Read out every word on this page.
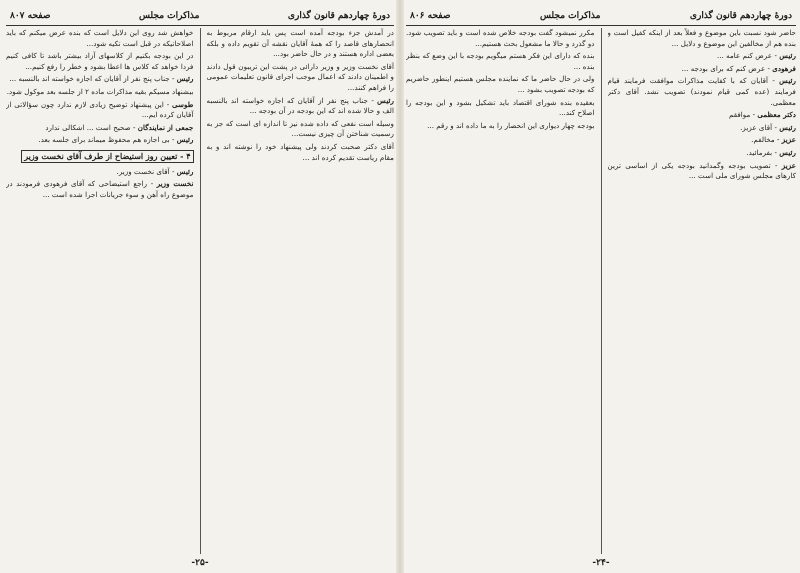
دورهٔ چهاردهم قانون گذاری
مذاکرات مجلس
صفحه ۸۰۷

در آمدش جزء بودجه آمده است پس باید ارقام مربوط به انحصارهای قاصد را که همهٔ آقایان نقشه آن تقویم داده و بلکه بعضی اداره هستند و در حال حاضر بود...

آقای نخست وزیر و وزیر دارائی در پشت این تریبون قول دادند و اطمینان دادند که اعمال موجب اجرای قانون تعلیمات عمومی را فراهم کنند...

رئیس - جناب پنج نفر از آقایان که اجازه خواسته اند بالنسبه الف و حالا شده اند که این بودجه در آن بودجه ...

وسیله است نفعی که داده شده نیز تا اندازه ای است که جز به رسمیت شناختن آن چیزی نیست...

آقای دکتر صحبت کردند ولی پیشنهاد خود را نوشته اند و به مقام ریاست تقدیم کرده اند ...

خواهش شد روی این دلایل است که بنده عرض میکنم که باید اصلاحاتیکه در قبل است تکیه شود...

در این بودجه بکنیم از کلاسهای آزاد بیشتر باشد تا کافی کنیم فردا خواهد که کلاس ها اعطا بشود و خطر را رفع کنیم...

رئیس - جناب پنج نفر از آقایان که اجازه خواسته اند بالنسبه ...

بیشنهاد مسیکم بقیه مذاکرات ماده ۲ از جلسه بعد موکول شود.

طوسی - این پیشنهاد توضیح زیادی لازم ندارد چون سؤالاتی از آقایان کرده ایم...

جمعی از نمایندگان - صحیح است ... اشکالی ندارد

رئیس - بی اجازه هم محفوظ میماند برای جلسه بعد.

۴ - تعیین روز استیضاح از طرف آقای نخست وزیر

رئیس - آقای نخست وزیر.

نخست وزیر - راجع استیضاحی که آقای فرهودی فرمودند در موضوع راه آهن و سوء جریانات اجرا شده است ...

-۲۵-
دورهٔ چهاردهم قانون گذاری
مذاکرات مجلس
صفحه ۸۰۶

حاضر شود نسبت باین موضوع و فعلاً بعد از اینکه کفیل است و بنده هم از مخالفین این موضوع و دلایل ...

رئیس - عرض کنم عامه ...

فرهودی - عرض کنم که برای بودجه ...

رئیس - آقایان که با کفایت مذاکرات موافقت فرمایند قیام فرمایند (عده کمی قیام نمودند) تصویب نشد. آقای دکتر معظمی.

دکتر معظمی - موافقم

رئیس - آقای عزیز.

عزیز - مخالفم.

رئیس - بفرمائید.

عزیز - تصویب بودجه وگمدانید بودجه یکی از اساسی ترین کارهای مجلس شورای ملی است ...

مکرر نمیشود گفت بودجه خلاص شده است و باید تصویب شود. دو گذرد و حالا ما مشعول بحث هستیم...

بنده که دارای این فکر هستم میگویم بودجه با این وضع که بنظر بنده ...

ولی در حال حاضر ما که نماینده مجلس هستیم اینطور حاضریم که بودجه تصویب بشود ...

بعقیده بنده شورای اقتصاد باید تشکیل بشود و این بودجه را اصلاح کند...

بودجه چهار دیواری این انحصار را به ما داده اند و رقم ...

-۲۴-
